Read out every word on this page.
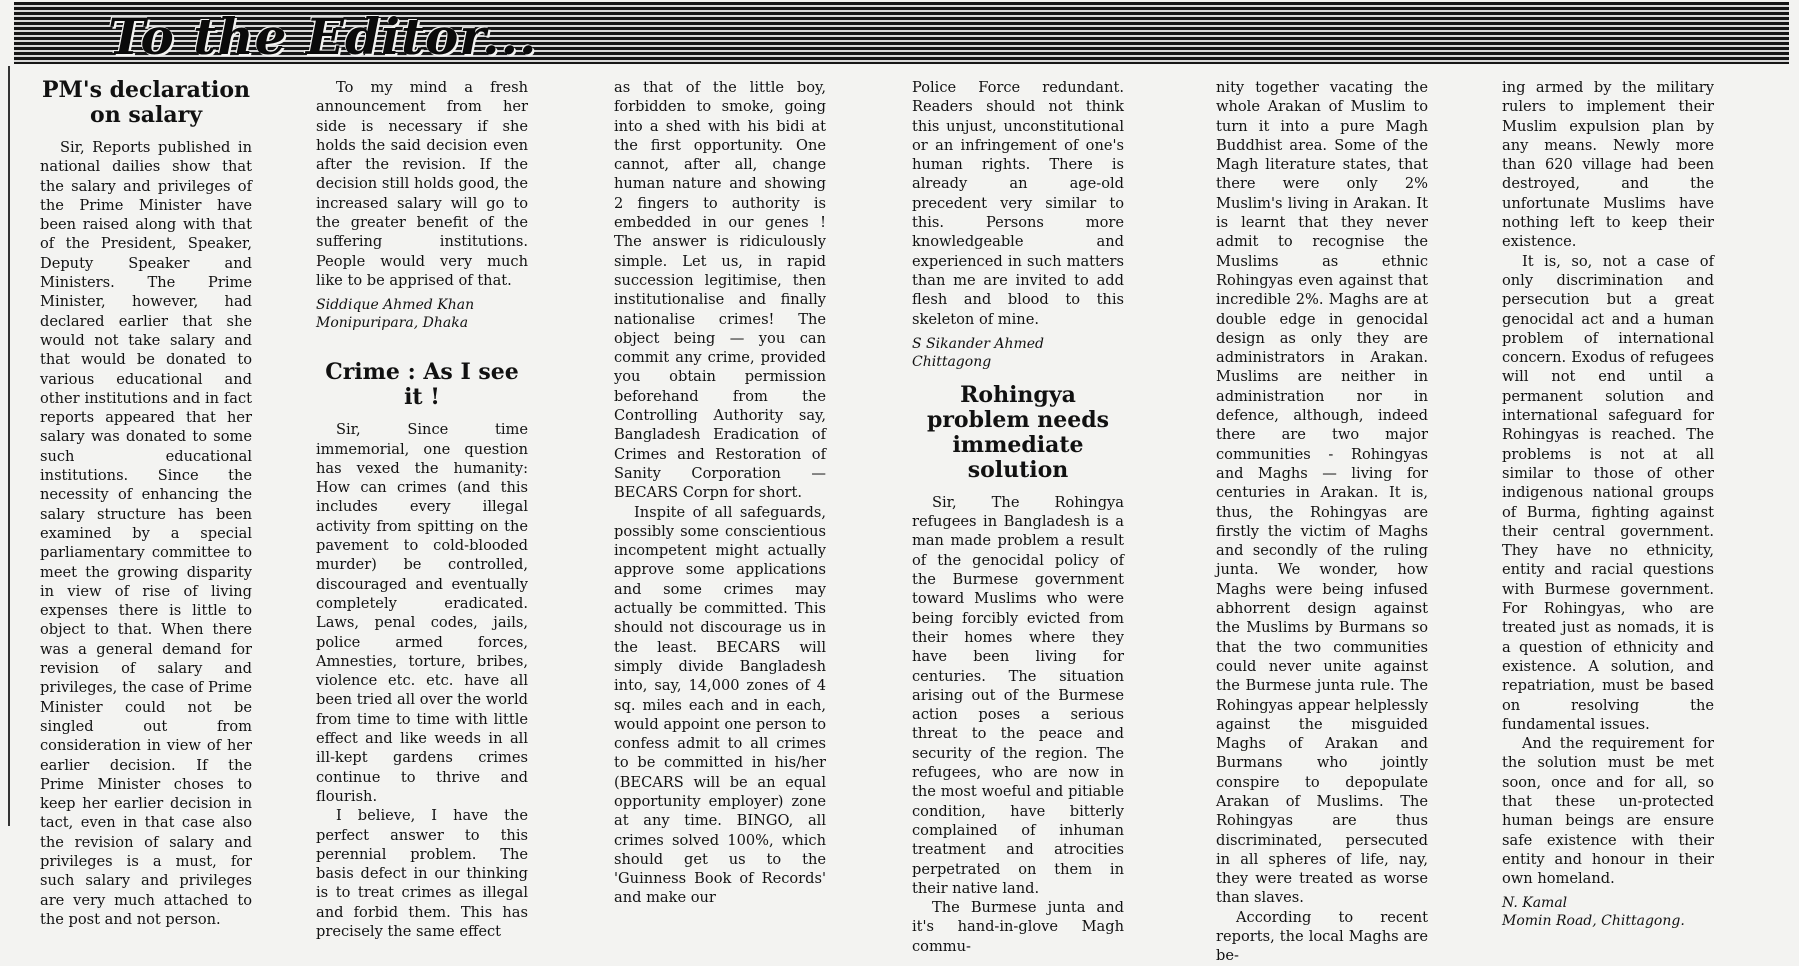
To the Editor...
PM's declaration on salary

Sir, Reports published in national dailies show that the salary and privileges of the Prime Minister have been raised along with that of the President, Speaker, Deputy Speaker and Ministers. The Prime Minister, however, had declared earlier that she would not take salary and that would be donated to various educational and other institutions and in fact reports appeared that her salary was donated to some such educational institutions. Since the necessity of enhancing the salary structure has been examined by a special parliamentary committee to meet the growing disparity in view of rise of living expenses there is little to object to that. When there was a general demand for revision of salary and privileges, the case of Prime Minister could not be singled out from consideration in view of her earlier decision. If the Prime Minister choses to keep her earlier decision in tact, even in that case also the revision of salary and privileges is a must, for such salary and privileges are very much attached to the post and not person.

To my mind a fresh announcement from her side is necessary if she holds the said decision even after the revision. If the decision still holds good, the increased salary will go to the greater benefit of the suffering institutions. People would very much like to be apprised of that.

Siddique Ahmed Khan
Monipuripara, Dhaka
Crime : As I see it !

Sir, Since time immemorial, one question has vexed the humanity: How can crimes (and this includes every illegal activity from spitting on the pavement to cold-blooded murder) be controlled, discouraged and eventually completely eradicated. Laws, penal codes, jails, police armed forces, Amnesties, torture, bribes, violence etc. etc. have all been tried all over the world from time to time with little effect and like weeds in all ill-kept gardens crimes continue to thrive and flourish.

I believe, I have the perfect answer to this perennial problem. The basis defect in our thinking is to treat crimes as illegal and forbid them. This has precisely the same effect

as that of the little boy, forbidden to smoke, going into a shed with his bidi at the first opportunity. One cannot, after all, change human nature and showing 2 fingers to authority is embedded in our genes ! The answer is ridiculously simple. Let us, in rapid succession legitimise, then institutionalise and finally nationalise crimes! The object being — you can commit any crime, provided you obtain permission beforehand from the Controlling Authority say, Bangladesh Eradication of Crimes and Restoration of Sanity Corporation — BECARS Corpn for short.

Inspite of all safeguards, possibly some conscientious incompetent might actually approve some applications and some crimes may actually be committed. This should not discourage us in the least. BECARS will simply divide Bangladesh into, say, 14,000 zones of 4 sq. miles each and in each, would appoint one person to confess admit to all crimes to be committed in his/her (BECARS will be an equal opportunity employer) zone at any time. BINGO, all crimes solved 100%, which should get us to the 'Guinness Book of Records' and make our

Police Force redundant. Readers should not think this unjust, unconstitutional or an infringement of one's human rights. There is already an age-old precedent very similar to this. Persons more knowledgeable and experienced in such matters than me are invited to add flesh and blood to this skeleton of mine.

S Sikander Ahmed
Chittagong
Rohingya problem needs immediate solution

Sir, The Rohingya refugees in Bangladesh is a man made problem a result of the genocidal policy of the Burmese government toward Muslims who were being forcibly evicted from their homes where they have been living for centuries. The situation arising out of the Burmese action poses a serious threat to the peace and security of the region. The refugees, who are now in the most woeful and pitiable condition, have bitterly complained of inhuman treatment and atrocities perpetrated on them in their native land.

The Burmese junta and it's hand-in-glove Magh commu-

nity together vacating the whole Arakan of Muslim to turn it into a pure Magh Buddhist area. Some of the Magh literature states, that there were only 2% Muslim's living in Arakan. It is learnt that they never admit to recognise the Muslims as ethnic Rohingyas even against that incredible 2%. Maghs are at double edge in genocidal design as only they are administrators in Arakan. Muslims are neither in administration nor in defence, although, indeed there are two major communities - Rohingyas and Maghs — living for centuries in Arakan. It is, thus, the Rohingyas are firstly the victim of Maghs and secondly of the ruling junta. We wonder, how Maghs were being infused abhorrent design against the Muslims by Burmans so that the two communities could never unite against the Burmese junta rule. The Rohingyas appear helplessly against the misguided Maghs of Arakan and Burmans who jointly conspire to depopulate Arakan of Muslims. The Rohingyas are thus discriminated, persecuted in all spheres of life, nay, they were treated as worse than slaves.

According to recent reports, the local Maghs are be-

ing armed by the military rulers to implement their Muslim expulsion plan by any means. Newly more than 620 village had been destroyed, and the unfortunate Muslims have nothing left to keep their existence.

It is, so, not a case of only discrimination and persecution but a great genocidal act and a human problem of international concern. Exodus of refugees will not end until a permanent solution and international safeguard for Rohingyas is reached. The problems is not at all similar to those of other indigenous national groups of Burma, fighting against their central government. They have no ethnicity, entity and racial questions with Burmese government. For Rohingyas, who are treated just as nomads, it is a question of ethnicity and existence. A solution, and repatriation, must be based on resolving the fundamental issues.

And the requirement for the solution must be met soon, once and for all, so that these un-protected human beings are ensure safe existence with their entity and honour in their own homeland.

N. Kamal
Momin Road, Chittagong.
